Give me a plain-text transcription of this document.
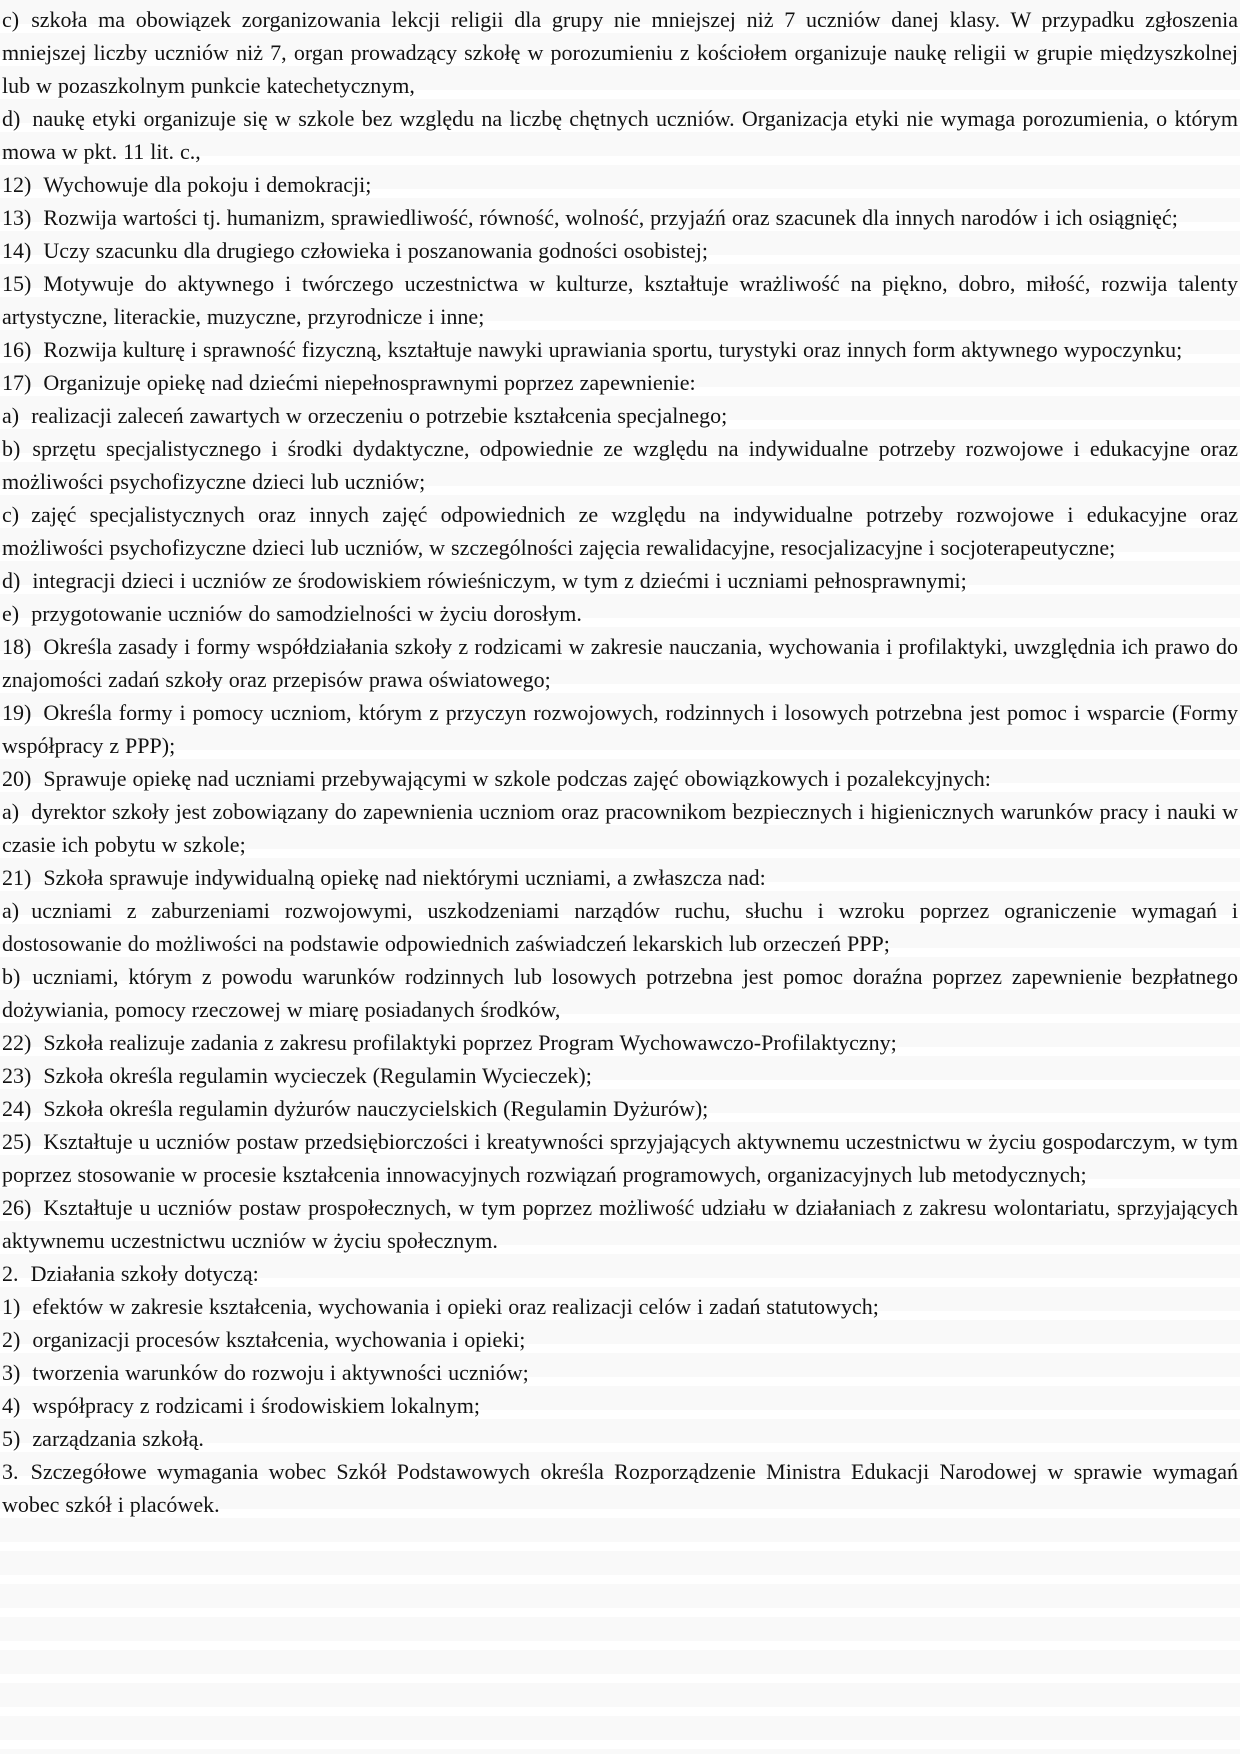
c) szkoła ma obowiązek zorganizowania lekcji religii dla grupy nie mniejszej niż 7 uczniów danej klasy. W przypadku zgłoszenia mniejszej liczby uczniów niż 7, organ prowadzący szkołę w porozumieniu z kościołem organizuje naukę religii w grupie międzyszkolnej lub w pozaszkolnym punkcie katechetycznym,

d) naukę etyki organizuje się w szkole bez względu na liczbę chętnych uczniów. Organizacja etyki nie wymaga porozumienia, o którym mowa w pkt. 11 lit. c.,

12) Wychowuje dla pokoju i demokracji;

13) Rozwija wartości tj. humanizm, sprawiedliwość, równość, wolność, przyjaźń oraz szacunek dla innych narodów i ich osiągnięć;

14) Uczy szacunku dla drugiego człowieka i poszanowania godności osobistej;

15) Motywuje do aktywnego i twórczego uczestnictwa w kulturze, kształtuje wrażliwość na piękno, dobro, miłość, rozwija talenty artystyczne, literackie, muzyczne, przyrodnicze i inne;

16) Rozwija kulturę i sprawność fizyczną, kształtuje nawyki uprawiania sportu, turystyki oraz innych form aktywnego wypoczynku;

17) Organizuje opiekę nad dziećmi niepełnosprawnymi poprzez zapewnienie:

a) realizacji zaleceń zawartych w orzeczeniu o potrzebie kształcenia specjalnego;

b) sprzętu specjalistycznego i środki dydaktyczne, odpowiednie ze względu na indywidualne potrzeby rozwojowe i edukacyjne oraz możliwości psychofizyczne dzieci lub uczniów;

c) zajęć specjalistycznych oraz innych zajęć odpowiednich ze względu na indywidualne potrzeby rozwojowe i edukacyjne oraz możliwości psychofizyczne dzieci lub uczniów, w szczególności zajęcia rewalidacyjne, resocjalizacyjne i socjoterapeutyczne;

d) integracji dzieci i uczniów ze środowiskiem rówieśniczym, w tym z dziećmi i uczniami pełnosprawnymi;

e) przygotowanie uczniów do samodzielności w życiu dorosłym.

18) Określa zasady i formy współdziałania szkoły z rodzicami w zakresie nauczania, wychowania i profilaktyki, uwzględnia ich prawo do znajomości zadań szkoły oraz przepisów prawa oświatowego;

19) Określa formy i pomocy uczniom, którym z przyczyn rozwojowych, rodzinnych i losowych potrzebna jest pomoc i wsparcie (Formy współpracy z PPP);

20) Sprawuje opiekę nad uczniami przebywającymi w szkole podczas zajęć obowiązkowych i pozalekcyjnych:

a) dyrektor szkoły jest zobowiązany do zapewnienia uczniom oraz pracownikom bezpiecznych i higienicznych warunków pracy i nauki w czasie ich pobytu w szkole;

21) Szkoła sprawuje indywidualną opiekę nad niektórymi uczniami, a zwłaszcza nad:

a) uczniami z zaburzeniami rozwojowymi, uszkodzeniami narządów ruchu, słuchu i wzroku poprzez ograniczenie wymagań i dostosowanie do możliwości na podstawie odpowiednich zaświadczeń lekarskich lub orzeczeń PPP;

b) uczniami, którym z powodu warunków rodzinnych lub losowych potrzebna jest pomoc doraźna poprzez zapewnienie bezpłatnego dożywiania, pomocy rzeczowej w miarę posiadanych środków,

22) Szkoła realizuje zadania z zakresu profilaktyki poprzez Program Wychowawczo-Profilaktyczny;

23) Szkoła określa regulamin wycieczek (Regulamin Wycieczek);

24) Szkoła określa regulamin dyżurów nauczycielskich (Regulamin Dyżurów);

25) Kształtuje u uczniów postaw przedsiębiorczości i kreatywności sprzyjających aktywnemu uczestnictwu w życiu gospodarczym, w tym poprzez stosowanie w procesie kształcenia innowacyjnych rozwiązań programowych, organizacyjnych lub metodycznych;

26) Kształtuje u uczniów postaw prospołecznych, w tym poprzez możliwość udziału w działaniach z zakresu wolontariatu, sprzyjających aktywnemu uczestnictwu uczniów w życiu społecznym.

2. Działania szkoły dotyczą:

1) efektów w zakresie kształcenia, wychowania i opieki oraz realizacji celów i zadań statutowych;

2) organizacji procesów kształcenia, wychowania i opieki;

3) tworzenia warunków do rozwoju i aktywności uczniów;

4) współpracy z rodzicami i środowiskiem lokalnym;

5) zarządzania szkołą.

3. Szczegółowe wymagania wobec Szkół Podstawowych określa Rozporządzenie Ministra Edukacji Narodowej w sprawie wymagań wobec szkół i placówek.
